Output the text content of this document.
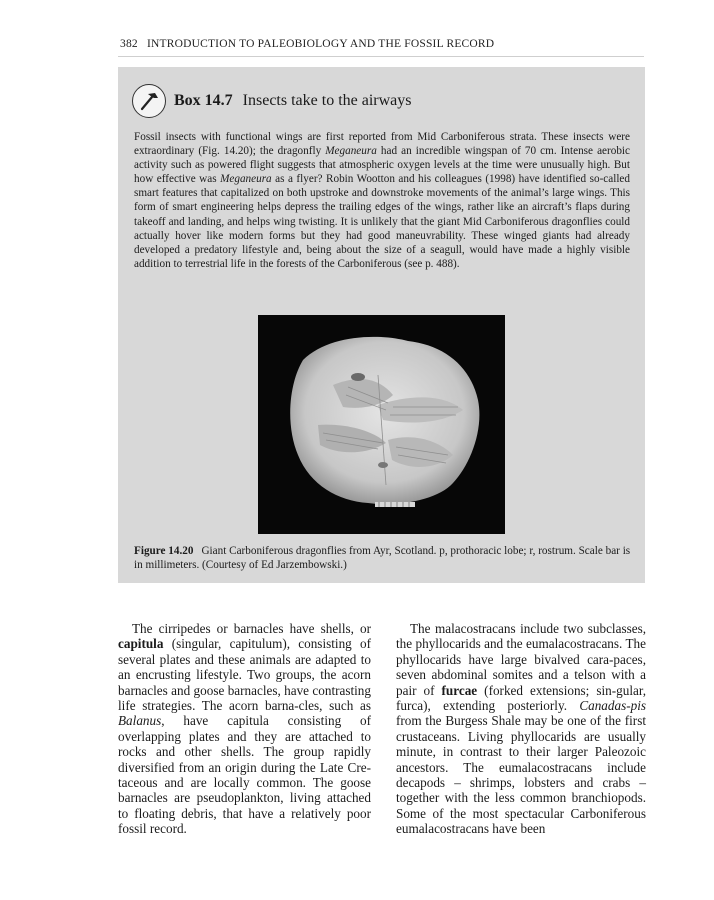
382 INTRODUCTION TO PALEOBIOLOGY AND THE FOSSIL RECORD
Box 14.7 Insects take to the airways

Fossil insects with functional wings are first reported from Mid Carboniferous strata. These insects were extraordinary (Fig. 14.20); the dragonfly Meganeura had an incredible wingspan of 70 cm. Intense aerobic activity such as powered flight suggests that atmospheric oxygen levels at the time were unusually high. But how effective was Meganeura as a flyer? Robin Wootton and his colleagues (1998) have identified so-called smart features that capitalized on both upstroke and downstroke movements of the animal’s large wings. This form of smart engineering helps depress the trailing edges of the wings, rather like an aircraft’s flaps during takeoff and landing, and helps wing twisting. It is unlikely that the giant Mid Carboniferous dragonflies could actually hover like modern forms but they had good maneuvrability. These winged giants had already developed a predatory lifestyle and, being about the size of a seagull, would have made a highly visible addition to terrestrial life in the forests of the Carboniferous (see p. 488).

Figure 14.20 Giant Carboniferous dragonflies from Ayr, Scotland. p, prothoracic lobe; r, rostrum. Scale bar is in millimeters. (Courtesy of Ed Jarzembowski.)

The cirripedes or barnacles have shells, or capitula (singular, capitulum), consisting of several plates and these animals are adapted to an encrusting lifestyle. Two groups, the acorn barnacles and goose barnacles, have contrasting life strategies. The acorn barna-cles, such as Balanus, have capitula consisting of overlapping plates and they are attached to rocks and other shells. The group rapidly diversified from an origin during the Late Cre-taceous and are locally common. The goose barnacles are pseudoplankton, living attached to floating debris, that have a relatively poor fossil record.

The malacostracans include two subclasses, the phyllocarids and the eumalacostracans. The phyllocarids have large bivalved cara-paces, seven abdominal somites and a telson with a pair of furcae (forked extensions; sin-gular, furca), extending posteriorly. Canadas-pis from the Burgess Shale may be one of the first crustaceans. Living phyllocarids are usually minute, in contrast to their larger Paleozoic ancestors. The eumalacostracans include decapods – shrimps, lobsters and crabs – together with the less common branchiopods. Some of the most spectacular Carboniferous eumalacostracans have been
